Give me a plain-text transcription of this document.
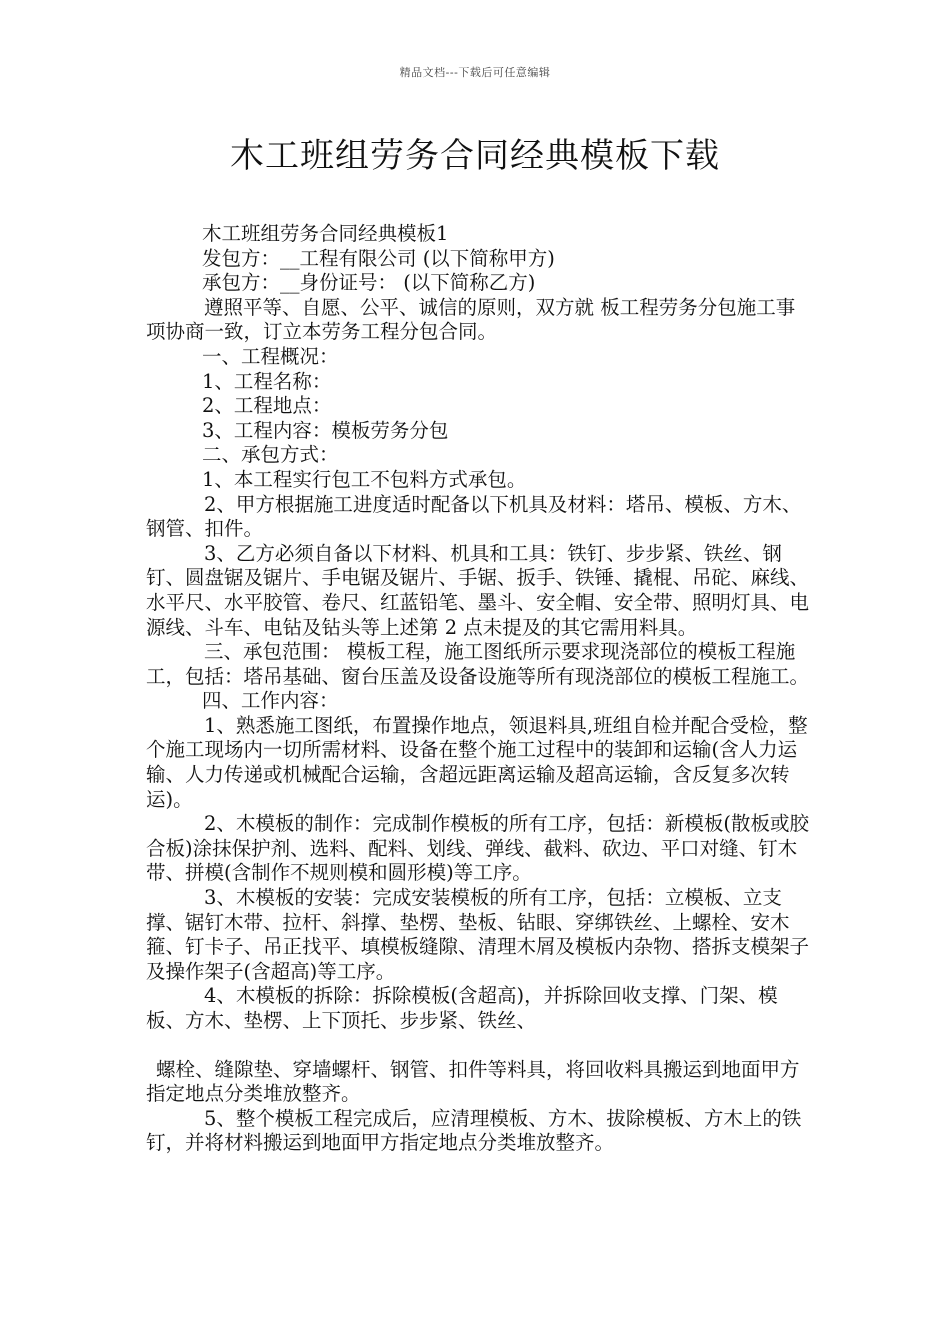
精品文档---下载后可任意编辑
木工班组劳务合同经典模板下载

木工班组劳务合同经典模板1

发包方：__工程有限公司 (以下简称甲方)

承包方：__身份证号： (以下简称乙方)

遵照平等、自愿、公平、诚信的原则，双方就 板工程劳务分包施工事项协商一致，订立本劳务工程分包合同。

一、工程概况：

1、工程名称：

2、工程地点：

3、工程内容：模板劳务分包

二、承包方式：

1、本工程实行包工不包料方式承包。

2、甲方根据施工进度适时配备以下机具及材料：塔吊、模板、方木、钢管、扣件。

3、乙方必须自备以下材料、机具和工具：铁钉、步步紧、铁丝、钢钉、圆盘锯及锯片、手电锯及锯片、手锯、扳手、铁锤、撬棍、吊砣、麻线、水平尺、水平胶管、卷尺、红蓝铅笔、墨斗、安全帽、安全带、照明灯具、电源线、斗车、电钻及钻头等上述第 2 点未提及的其它需用料具。

三、承包范围： 模板工程，施工图纸所示要求现浇部位的模板工程施工，包括：塔吊基础、窗台压盖及设备设施等所有现浇部位的模板工程施工。

四、工作内容：

1、熟悉施工图纸，布置操作地点，领退料具,班组自检并配合受检，整个施工现场内一切所需材料、设备在整个施工过程中的装卸和运输(含人力运输、人力传递或机械配合运输，含超远距离运输及超高运输，含反复多次转运)。

2、木模板的制作：完成制作模板的所有工序，包括：新模板(散板或胶合板)涂抹保护剂、选料、配料、划线、弹线、截料、砍边、平口对缝、钉木带、拼模(含制作不规则模和圆形模)等工序。

3、木模板的安装：完成安装模板的所有工序，包括：立模板、立支撑、锯钉木带、拉杆、斜撑、垫楞、垫板、钻眼、穿绑铁丝、上螺栓、安木箍、钉卡子、吊正找平、填模板缝隙、清理木屑及模板内杂物、搭拆支模架子及操作架子(含超高)等工序。

4、木模板的拆除：拆除模板(含超高)，并拆除回收支撑、门架、模板、方木、垫楞、上下顶托、步步紧、铁丝、

螺栓、缝隙垫、穿墙螺杆、钢管、扣件等料具，将回收料具搬运到地面甲方指定地点分类堆放整齐。

5、整个模板工程完成后，应清理模板、方木、拔除模板、方木上的铁钉，并将材料搬运到地面甲方指定地点分类堆放整齐。
